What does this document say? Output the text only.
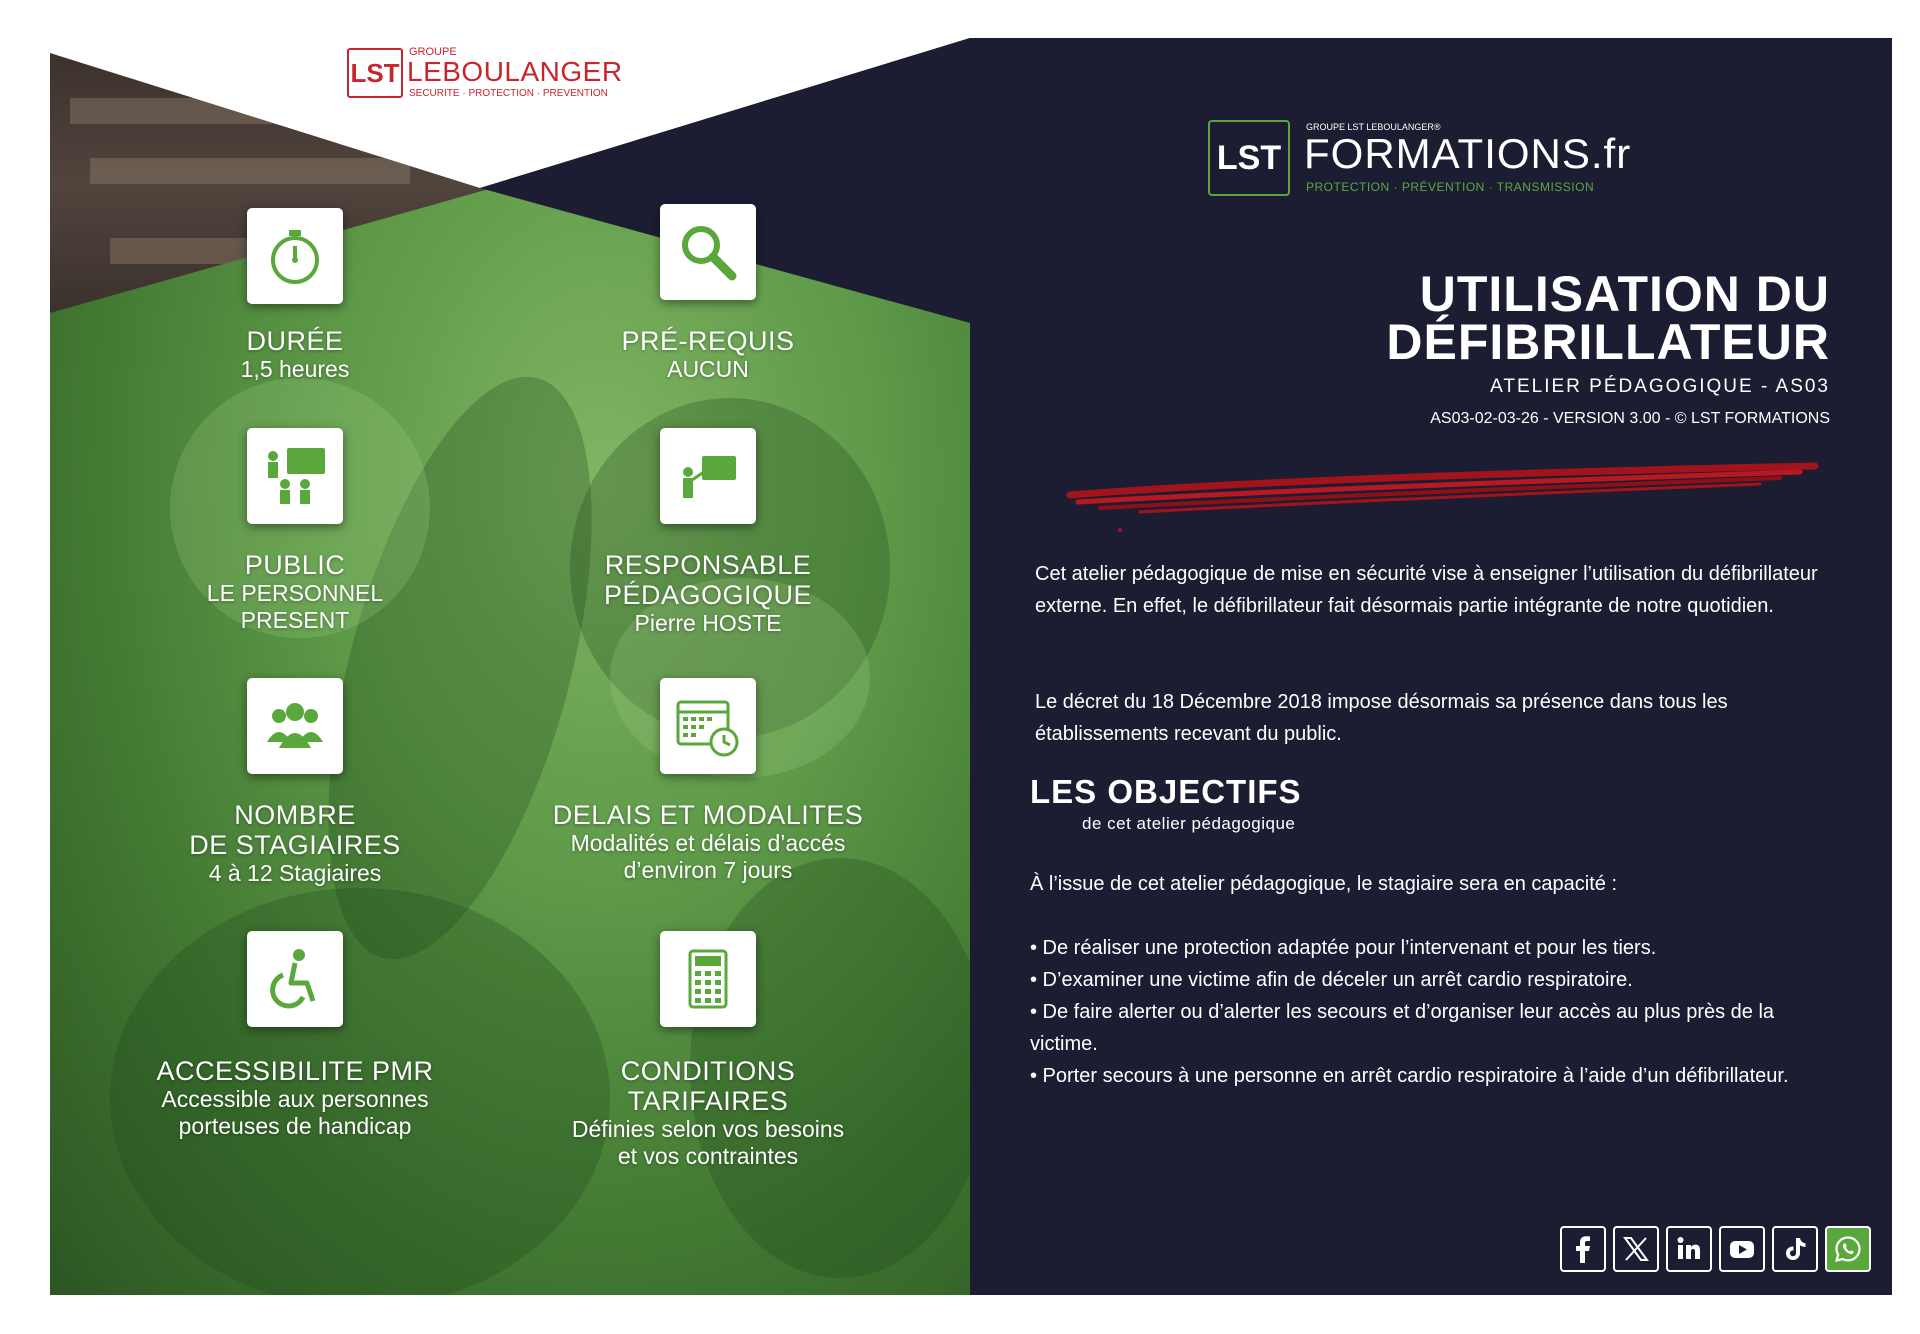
LST
GROUPE
LEBOULANGER
SECURITE · PROTECTION · PREVENTION
DURÉE
1,5 heures
PRÉ-REQUIS
AUCUN
PUBLIC
LE PERSONNEL
PRESENT
RESPONSABLE
PÉDAGOGIQUE
Pierre HOSTE
NOMBRE
DE STAGIAIRES
4 à 12 Stagiaires
DELAIS ET MODALITES
Modalités et délais d’accés
d’environ 7 jours
ACCESSIBILITE PMR
Accessible aux personnes
porteuses de handicap
CONDITIONS TARIFAIRES
Définies selon vos besoins
et vos contraintes
LST
GROUPE LST LEBOULANGER®
FORMATIONS.fr
PROTECTION · PRÉVENTION · TRANSMISSION
UTILISATION DU
DÉFIBRILLATEUR
ATELIER PÉDAGOGIQUE - AS03
AS03-02-03-26 - VERSION 3.00 - © LST FORMATIONS
Cet atelier pédagogique de mise en sécurité vise à enseigner l’utilisation du défibrillateur externe. En effet, le défibrillateur fait désormais partie intégrante de notre quotidien.
Le décret du 18 Décembre 2018 impose désormais sa présence dans tous les établissements recevant du public.
LES OBJECTIFS
de cet atelier pédagogique
À l’issue de cet atelier pédagogique, le stagiaire sera en capacité :
• De réaliser une protection adaptée pour l’intervenant et pour les tiers.
• D’examiner une victime afin de déceler un arrêt cardio respiratoire.
• De faire alerter ou d’alerter les secours et d’organiser leur accès au plus près de la victime.
• Porter secours à une personne en arrêt cardio respiratoire à l’aide d’un défibrillateur.
